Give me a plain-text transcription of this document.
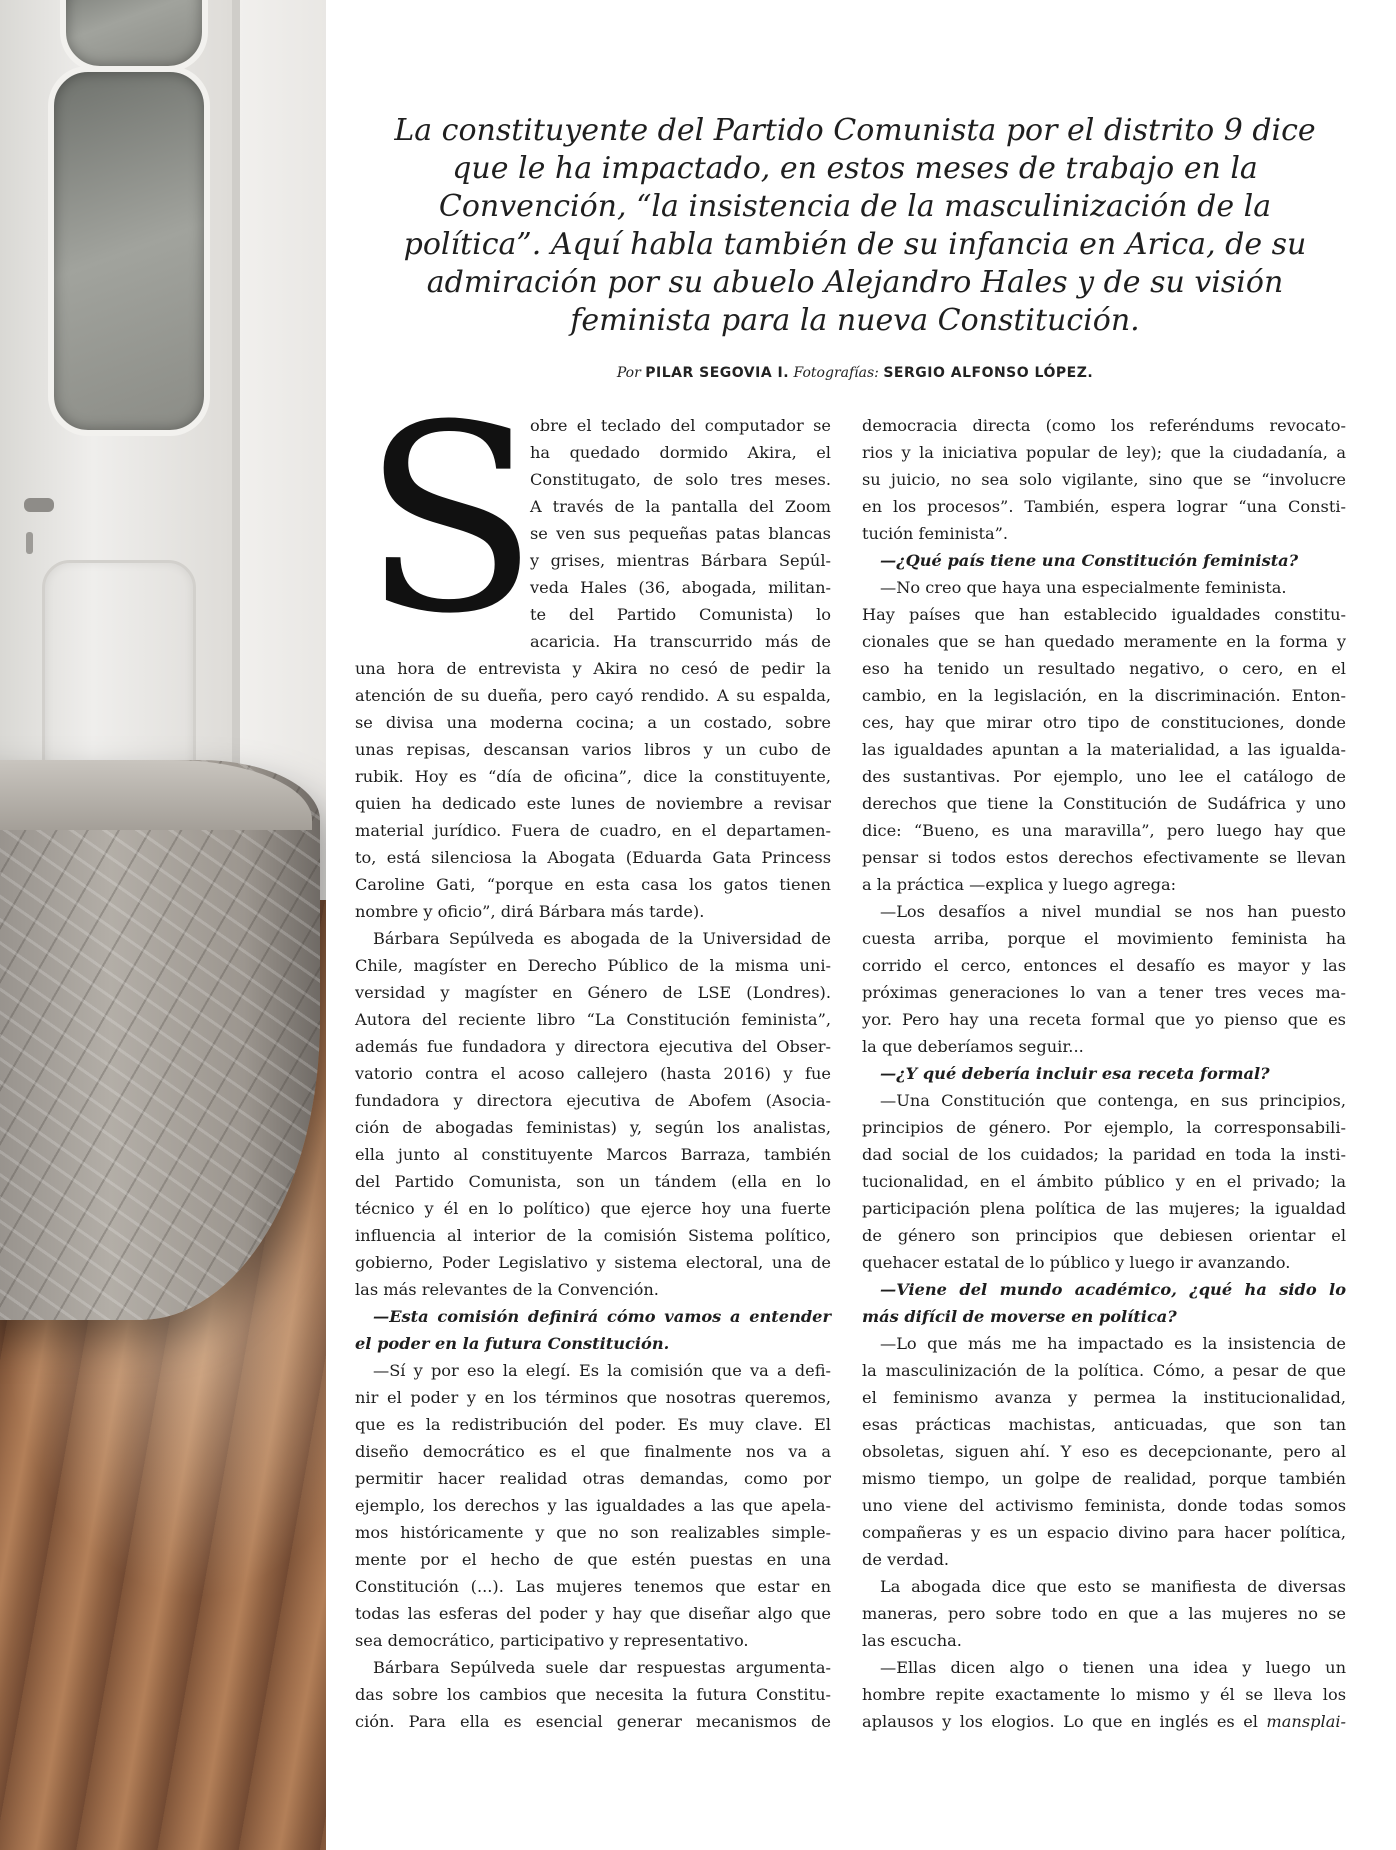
La constituyente del Partido Comunista por el distrito 9 dice
que le ha impactado, en estos meses de trabajo en la
Convención, “la insistencia de la masculinización de la
política”. Aquí habla también de su infancia en Arica, de su
admiración por su abuelo Alejandro Hales y de su visión
feminista para la nueva Constitución.
Por PILAR SEGOVIA I. Fotografías: SERGIO ALFONSO LÓPEZ.
S
obre el teclado del computador se
ha quedado dormido Akira, el
Constitugato, de solo tres meses.
A través de la pantalla del Zoom
se ven sus pequeñas patas blancas
y grises, mientras Bárbara Sepúl-
veda Hales (36, abogada, militan-
te del Partido Comunista) lo
acaricia. Ha transcurrido más de
una hora de entrevista y Akira no cesó de pedir la
atención de su dueña, pero cayó rendido. A su espalda,
se divisa una moderna cocina; a un costado, sobre
unas repisas, descansan varios libros y un cubo de
rubik. Hoy es “día de oficina”, dice la constituyente,
quien ha dedicado este lunes de noviembre a revisar
material jurídico. Fuera de cuadro, en el departamen-
to, está silenciosa la Abogata (Eduarda Gata Princess
Caroline Gati, “porque en esta casa los gatos tienen
nombre y oficio”, dirá Bárbara más tarde).
Bárbara Sepúlveda es abogada de la Universidad de
Chile, magíster en Derecho Público de la misma uni-
versidad y magíster en Género de LSE (Londres).
Autora del reciente libro “La Constitución feminista”,
además fue fundadora y directora ejecutiva del Obser-
vatorio contra el acoso callejero (hasta 2016) y fue
fundadora y directora ejecutiva de Abofem (Asocia-
ción de abogadas feministas) y, según los analistas,
ella junto al constituyente Marcos Barraza, también
del Partido Comunista, son un tándem (ella en lo
técnico y él en lo político) que ejerce hoy una fuerte
influencia al interior de la comisión Sistema político,
gobierno, Poder Legislativo y sistema electoral, una de
las más relevantes de la Convención.
—Esta comisión definirá cómo vamos a entender
el poder en la futura Constitución.
—Sí y por eso la elegí. Es la comisión que va a defi-
nir el poder y en los términos que nosotras queremos,
que es la redistribución del poder. Es muy clave. El
diseño democrático es el que finalmente nos va a
permitir hacer realidad otras demandas, como por
ejemplo, los derechos y las igualdades a las que apela-
mos históricamente y que no son realizables simple-
mente por el hecho de que estén puestas en una
Constitución (...). Las mujeres tenemos que estar en
todas las esferas del poder y hay que diseñar algo que
sea democrático, participativo y representativo.
Bárbara Sepúlveda suele dar respuestas argumenta-
das sobre los cambios que necesita la futura Constitu-
ción. Para ella es esencial generar mecanismos de
democracia directa (como los referéndums revocato-
rios y la iniciativa popular de ley); que la ciudadanía, a
su juicio, no sea solo vigilante, sino que se “involucre
en los procesos”. También, espera lograr “una Consti-
tución feminista”.
—¿Qué país tiene una Constitución feminista?
—No creo que haya una especialmente feminista.
Hay países que han establecido igualdades constitu-
cionales que se han quedado meramente en la forma y
eso ha tenido un resultado negativo, o cero, en el
cambio, en la legislación, en la discriminación. Enton-
ces, hay que mirar otro tipo de constituciones, donde
las igualdades apuntan a la materialidad, a las igualda-
des sustantivas. Por ejemplo, uno lee el catálogo de
derechos que tiene la Constitución de Sudáfrica y uno
dice: “Bueno, es una maravilla”, pero luego hay que
pensar si todos estos derechos efectivamente se llevan
a la práctica —explica y luego agrega:
—Los desafíos a nivel mundial se nos han puesto
cuesta arriba, porque el movimiento feminista ha
corrido el cerco, entonces el desafío es mayor y las
próximas generaciones lo van a tener tres veces ma-
yor. Pero hay una receta formal que yo pienso que es
la que deberíamos seguir...
—¿Y qué debería incluir esa receta formal?
—Una Constitución que contenga, en sus principios,
principios de género. Por ejemplo, la corresponsabili-
dad social de los cuidados; la paridad en toda la insti-
tucionalidad, en el ámbito público y en el privado; la
participación plena política de las mujeres; la igualdad
de género son principios que debiesen orientar el
quehacer estatal de lo público y luego ir avanzando.
—Viene del mundo académico, ¿qué ha sido lo
más difícil de moverse en política?
—Lo que más me ha impactado es la insistencia de
la masculinización de la política. Cómo, a pesar de que
el feminismo avanza y permea la institucionalidad,
esas prácticas machistas, anticuadas, que son tan
obsoletas, siguen ahí. Y eso es decepcionante, pero al
mismo tiempo, un golpe de realidad, porque también
uno viene del activismo feminista, donde todas somos
compañeras y es un espacio divino para hacer política,
de verdad.
La abogada dice que esto se manifiesta de diversas
maneras, pero sobre todo en que a las mujeres no se
las escucha.
—Ellas dicen algo o tienen una idea y luego un
hombre repite exactamente lo mismo y él se lleva los
aplausos y los elogios. Lo que en inglés es el mansplai-
